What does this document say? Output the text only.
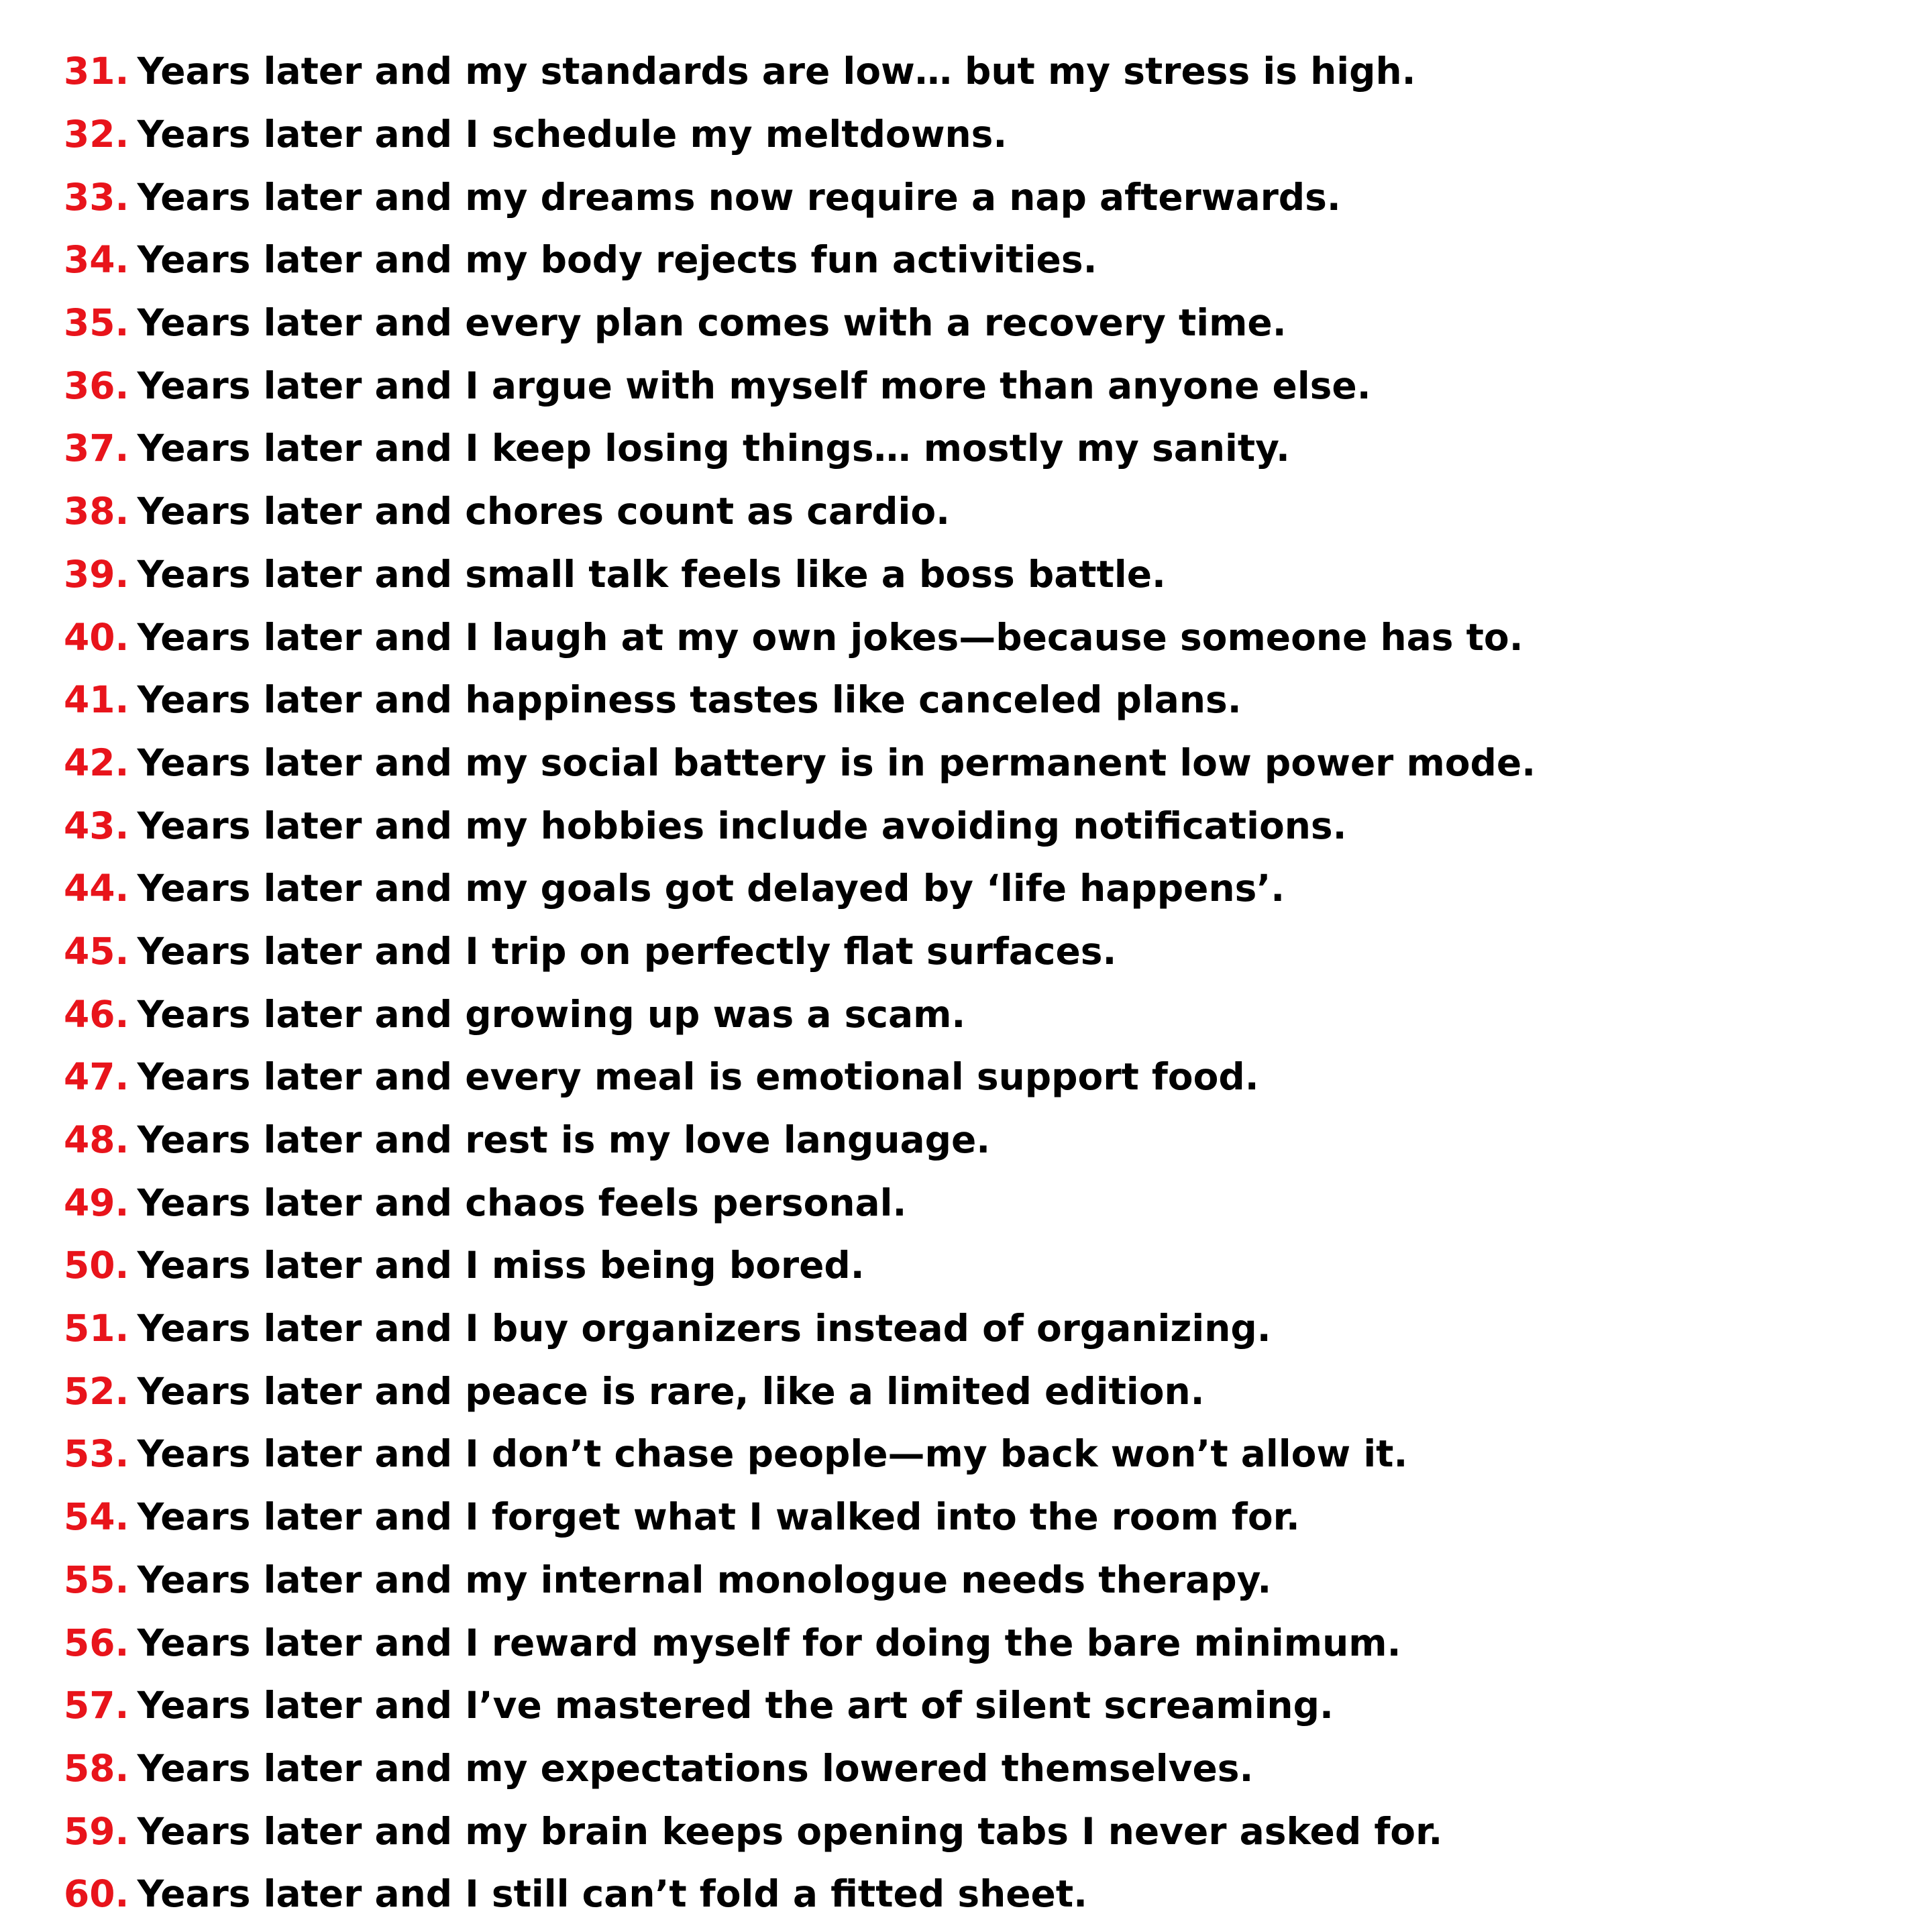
31. Years later and my standards are low… but my stress is high.
32. Years later and I schedule my meltdowns.
33. Years later and my dreams now require a nap afterwards.
34. Years later and my body rejects fun activities.
35. Years later and every plan comes with a recovery time.
36. Years later and I argue with myself more than anyone else.
37. Years later and I keep losing things… mostly my sanity.
38. Years later and chores count as cardio.
39. Years later and small talk feels like a boss battle.
40. Years later and I laugh at my own jokes—because someone has to.
41. Years later and happiness tastes like canceled plans.
42. Years later and my social battery is in permanent low power mode.
43. Years later and my hobbies include avoiding notifications.
44. Years later and my goals got delayed by ‘life happens’.
45. Years later and I trip on perfectly flat surfaces.
46. Years later and growing up was a scam.
47. Years later and every meal is emotional support food.
48. Years later and rest is my love language.
49. Years later and chaos feels personal.
50. Years later and I miss being bored.
51. Years later and I buy organizers instead of organizing.
52. Years later and peace is rare, like a limited edition.
53. Years later and I don’t chase people—my back won’t allow it.
54. Years later and I forget what I walked into the room for.
55. Years later and my internal monologue needs therapy.
56. Years later and I reward myself for doing the bare minimum.
57. Years later and I’ve mastered the art of silent screaming.
58. Years later and my expectations lowered themselves.
59. Years later and my brain keeps opening tabs I never asked for.
60. Years later and I still can’t fold a fitted sheet.
